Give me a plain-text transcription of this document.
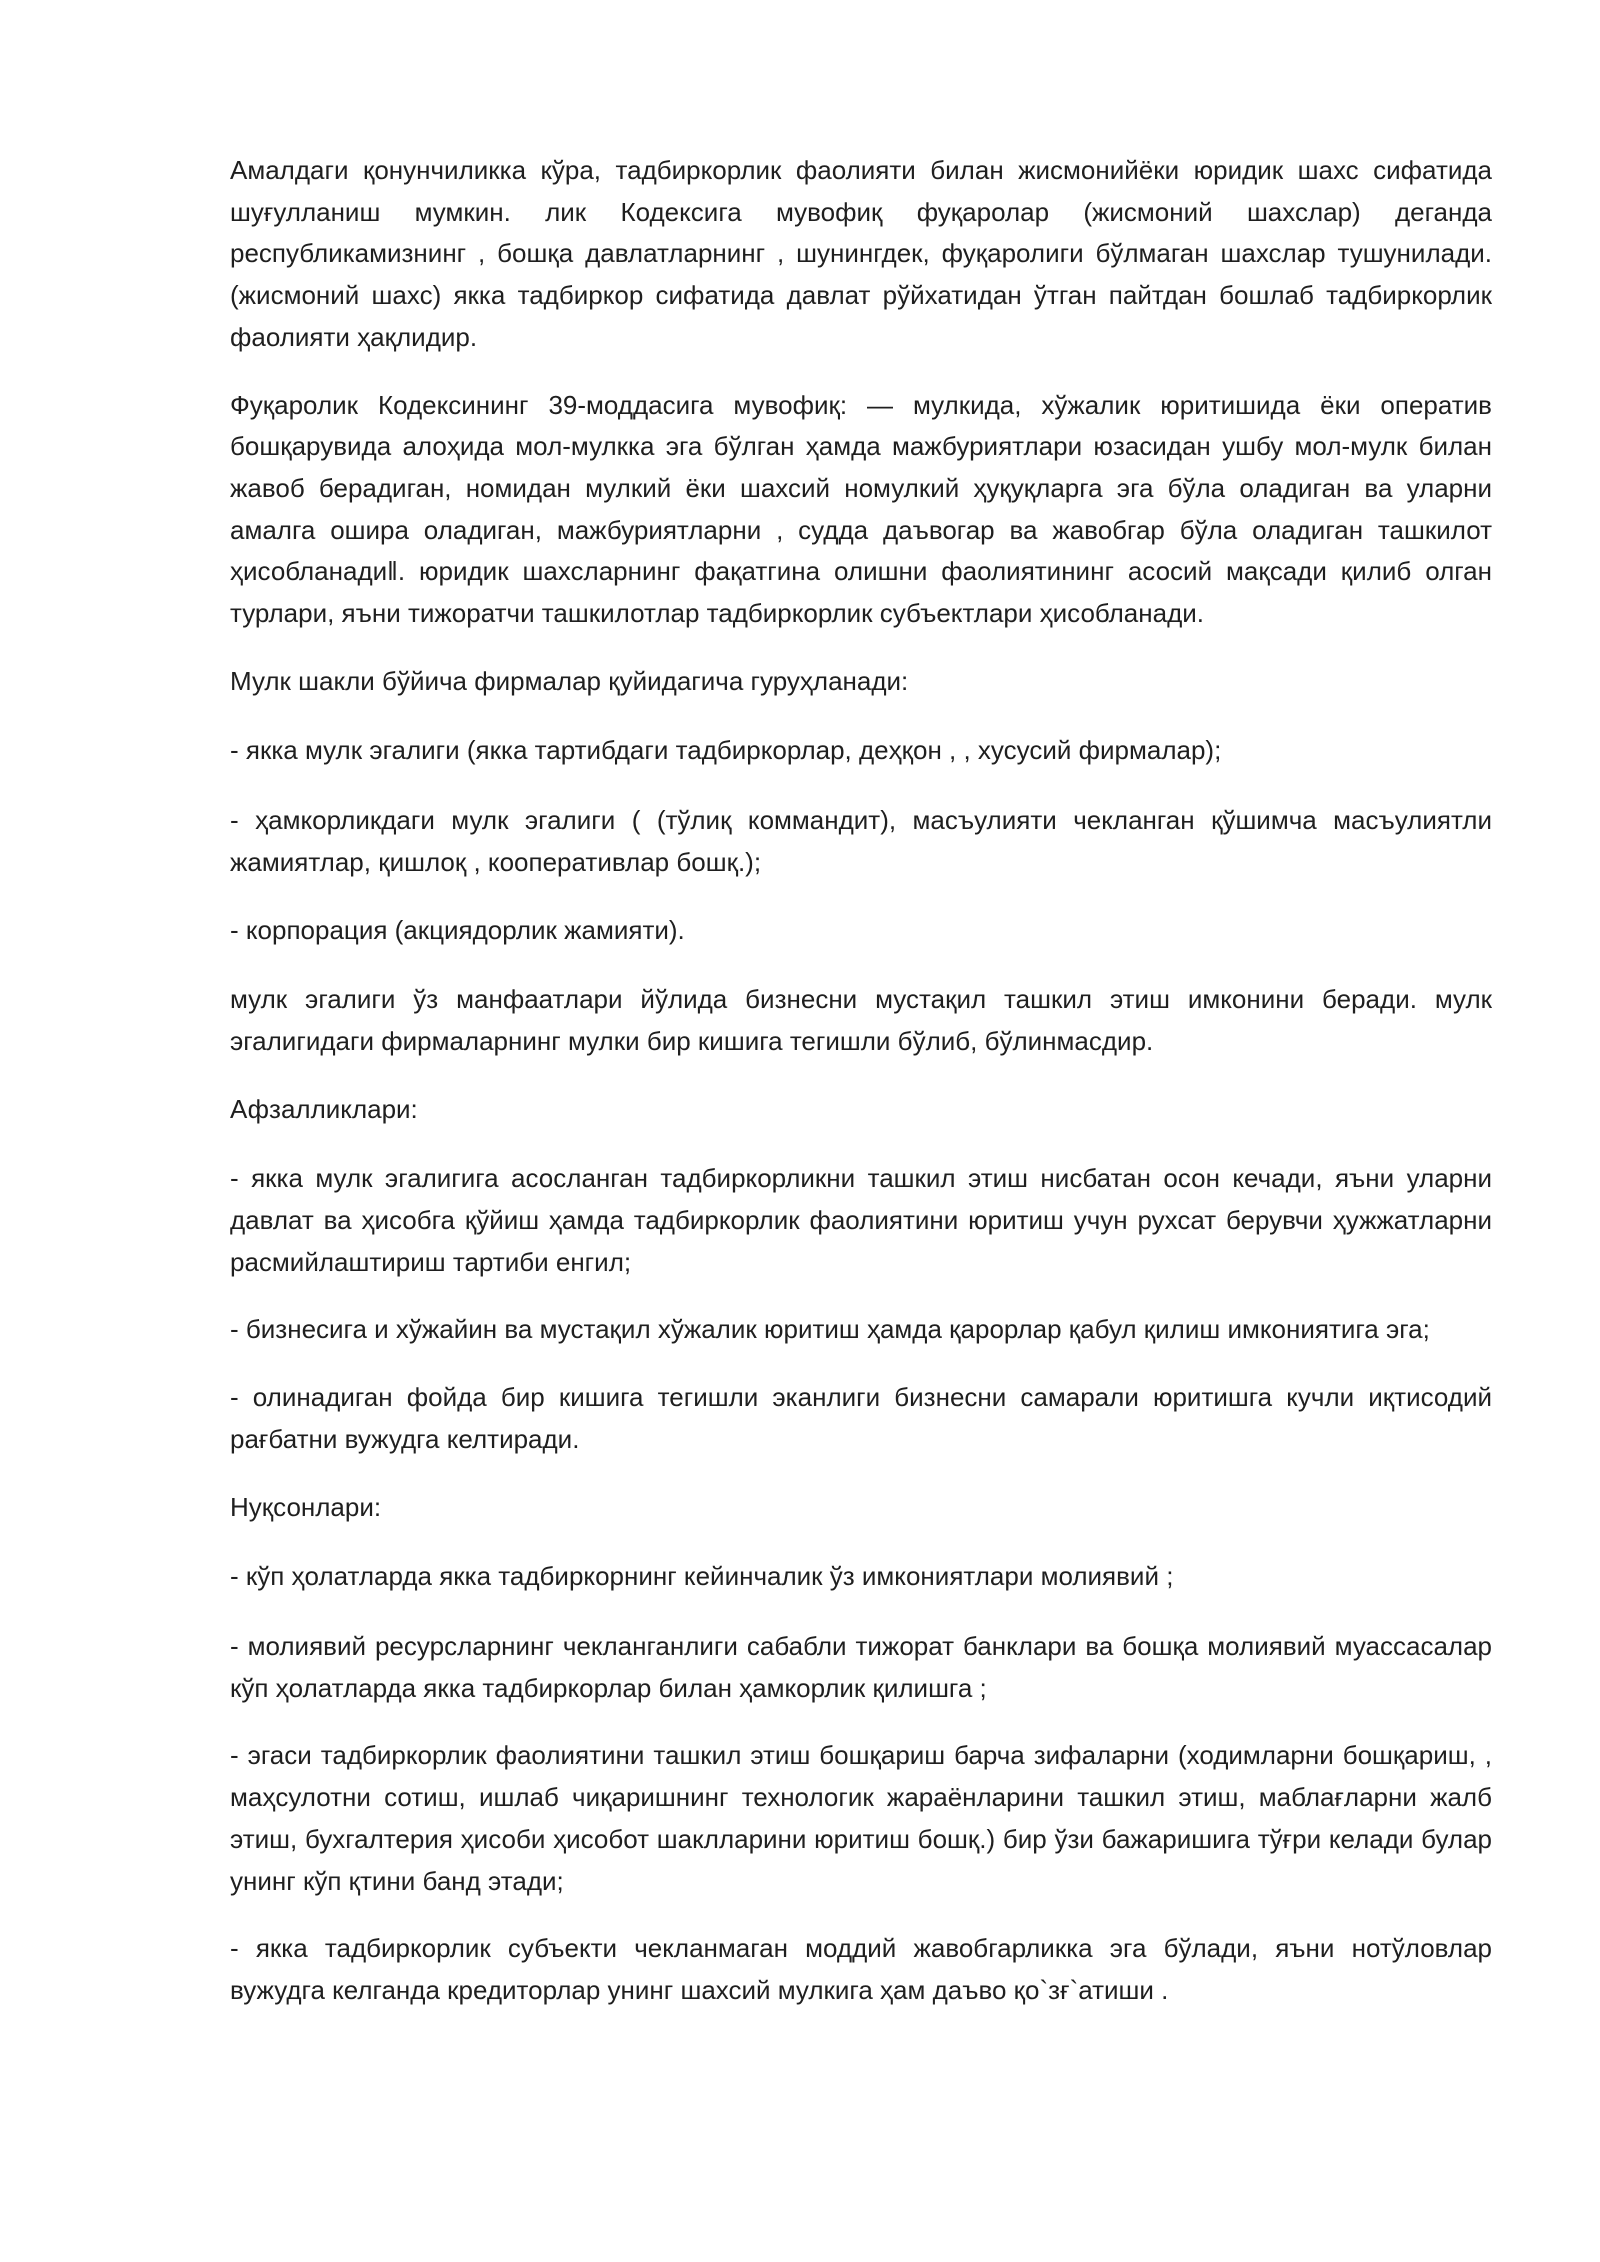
Амалдаги қонунчиликка кўра, тадбиркорлик фаолияти билан жисмонийёки юридик шахс сифатида шуғулланиш мумкин. лик Кодексига мувофиқ фуқаролар (жисмоний шахслар) деганда республикамизнинг , бошқа давлатларнинг , шунингдек, фуқаролиги бўлмаган шахслар тушунилади. (жисмоний шахс) якка тадбиркор сифатида давлат рўйхатидан ўтган пайтдан бошлаб тадбиркорлик фаолияти ҳақлидир.

Фуқаролик Кодексининг 39-моддасига мувофиқ: — мулкида, хўжалик юритишида ёки оператив бошқарувида алоҳида мол-мулкка эга бўлган ҳамда мажбуриятлари юзасидан ушбу мол-мулк билан жавоб берадиган, номидан мулкий ёки шахсий номулкий ҳуқуқларга эга бўла оладиган ва уларни амалга ошира оладиган, мажбуриятларни , судда даъвогар ва жавобгар бўла оладиган ташкилот ҳисобланади‖. юридик шахсларнинг фақатгина олишни фаолиятининг асосий мақсади қилиб олган турлари, яъни тижоратчи ташкилотлар тадбиркорлик субъектлари ҳисобланади.

Мулк шакли бўйича фирмалар қуйидагича гуруҳланади:

- якка мулк эгалиги (якка тартибдаги тадбиркорлар, деҳқон , , хусусий фирмалар);

- ҳамкорликдаги мулк эгалиги ( (тўлиқ коммандит), масъулияти чекланган қўшимча масъулиятли жамиятлар, қишлоқ , кооперативлар бошқ.);

- корпорация (акциядорлик жамияти).

мулк эгалиги ўз манфаатлари йўлида бизнесни мустақил ташкил этиш имконини беради. мулк эгалигидаги фирмаларнинг мулки бир кишига тегишли бўлиб, бўлинмасдир.

Афзалликлари:

- якка мулк эгалигига асосланган тадбиркорликни ташкил этиш нисбатан осон кечади, яъни уларни давлат ва ҳисобга қўйиш ҳамда тадбиркорлик фаолиятини юритиш учун рухсат берувчи ҳужжатларни расмийлаштириш тартиби енгил;

- бизнесига и хўжайин ва мустақил хўжалик юритиш ҳамда қарорлар қабул қилиш имкониятига эга;

- олинадиган фойда бир кишига тегишли эканлиги бизнесни самарали юритишга кучли иқтисодий рағбатни вужудга келтиради.

Нуқсонлари:

- кўп ҳолатларда якка тадбиркорнинг кейинчалик ўз имкониятлари молиявий ;

- молиявий ресурсларнинг чекланганлиги сабабли тижорат банклари ва бошқа молиявий муассасалар кўп ҳолатларда якка тадбиркорлар билан ҳамкорлик қилишга ;

- эгаси тадбиркорлик фаолиятини ташкил этиш бошқариш барча зифаларни (ходимларни бошқариш, , маҳсулотни сотиш, ишлаб чиқаришнинг технологик жараёнларини ташкил этиш, маблағларни жалб этиш, бухгалтерия ҳисоби ҳисобот шаклларини юритиш бошқ.) бир ўзи бажаришига тўғри келади булар унинг кўп қтини банд этади;

- якка тадбиркорлик субъекти чекланмаган моддий жавобгарликка эга бўлади, яъни нотўловлар вужудга келганда кредиторлар унинг шахсий мулкига ҳам даъво қо`зғ`атиши .
